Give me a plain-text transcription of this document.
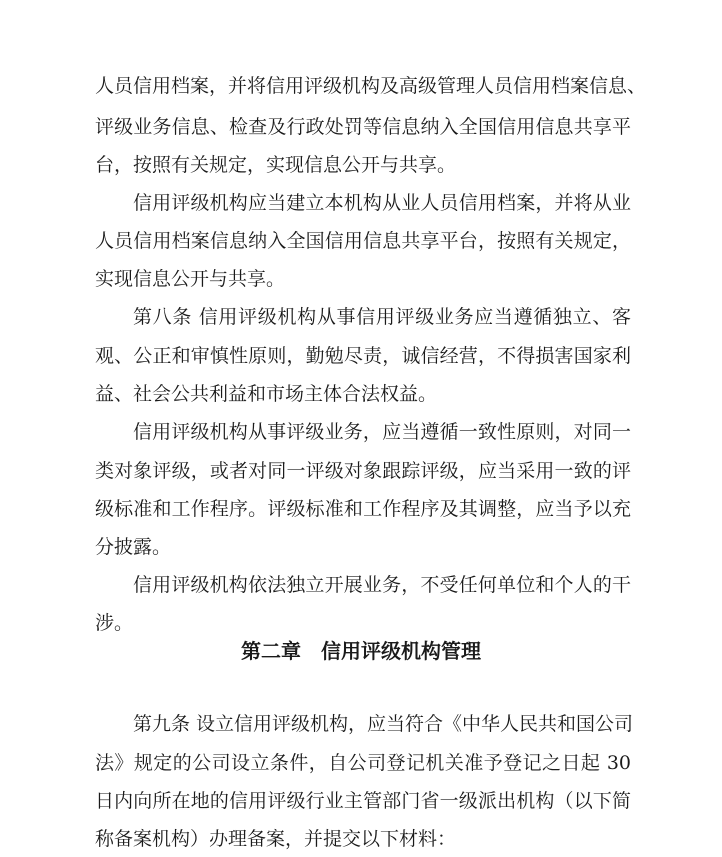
人员信用档案，并将信用评级机构及高级管理人员信用档案信息、
评级业务信息、检查及行政处罚等信息纳入全国信用信息共享平
台，按照有关规定，实现信息公开与共享。
信用评级机构应当建立本机构从业人员信用档案，并将从业
人员信用档案信息纳入全国信用信息共享平台，按照有关规定，
实现信息公开与共享。
第八条 信用评级机构从事信用评级业务应当遵循独立、客
观、公正和审慎性原则，勤勉尽责，诚信经营，不得损害国家利
益、社会公共利益和市场主体合法权益。
信用评级机构从事评级业务，应当遵循一致性原则，对同一
类对象评级，或者对同一评级对象跟踪评级，应当采用一致的评
级标准和工作程序。评级标准和工作程序及其调整，应当予以充
分披露。
信用评级机构依法独立开展业务，不受任何单位和个人的干
涉。
第二章　信用评级机构管理
第九条 设立信用评级机构，应当符合《中华人民共和国公司
法》规定的公司设立条件，自公司登记机关准予登记之日起 30
日内向所在地的信用评级行业主管部门省一级派出机构（以下简
称备案机构）办理备案，并提交以下材料：
